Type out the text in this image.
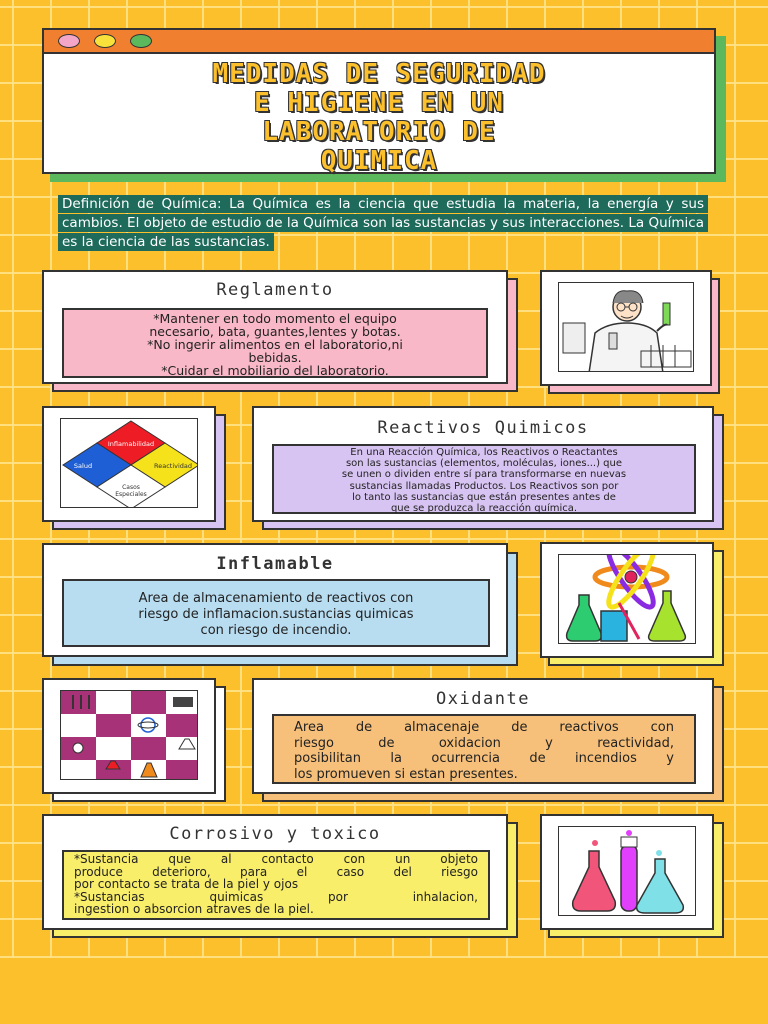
MEDIDAS DE SEGURIDAD
E HIGIENE EN UN
LABORATORIO DE
QUIMICA

Definición de Química: La Química es la ciencia que estudia la materia, la energía y sus cambios. El objeto de estudio de la Química son las sustancias y sus interacciones. La Química es la ciencia de las sustancias.

Reglamento
*Mantener en todo momento el equipo
necesario, bata, guantes,lentes y botas.
*No ingerir alimentos en el laboratorio,ni
bebidas.
*Cuidar el mobiliario del laboratorio.
Inflamabilidad
Salud	Reactividad
Casos
Especiales
Reactivos Quimicos
En una Reacción Química, los Reactivos o Reactantes
son las sustancias (elementos, moléculas, iones...) que
se unen o dividen entre sí para transformarse en nuevas
sustancias llamadas Productos. Los Reactivos son por
lo tanto las sustancias que están presentes antes de
que se produzca la reacción química.
Inflamable
Area de almacenamiento de reactivos con
riesgo de inflamacion.sustancias quimicas
con riesgo de incendio.
Oxidante
Area de almacenaje de reactivos con
riesgo de oxidacion y reactividad,
posibilitan la ocurrencia de incendios y
los promueven si estan presentes.
Corrosivo y toxico
*Sustancia que al contacto con un objeto
produce deterioro, para el caso del riesgo
por contacto se trata de la piel y ojos
*Sustancias quimicas por inhalacion,
ingestion o absorcion atraves de la piel.
